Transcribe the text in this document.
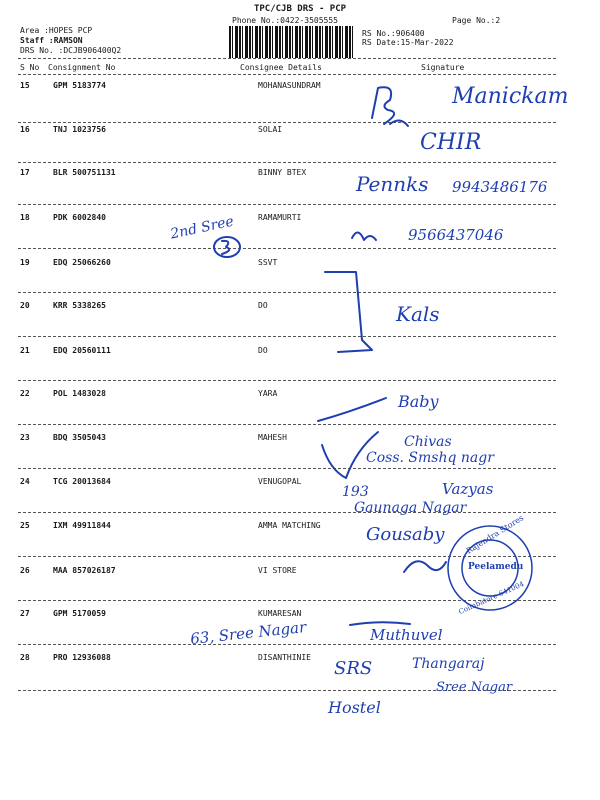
TPC/CJB DRS - PCP
Phone No.:0422-3505555	Page No.:2
Area :HOPES PCP
Staff :RAMSON
DRS No. :DCJB906400Q2
RS No.:906400
RS Date:15-Mar-2022
S No Consignment No	Consignee Details	Signature
15	GPM 5183774	MOHANASUNDRAM
16	TNJ 1023756	SOLAI
17	BLR 500751131	BINNY BTEX
18	PDK 6002840	RAMAMURTI
19	EDQ 25066260	SSVT
20	KRR 5338265	DO
21	EDQ 20560111	DO
22	POL 1483028	YARA
23	BDQ 3505043	MAHESH
24	TCG 20013684	VENUGOPAL
25	IXM 49911844	AMMA MATCHING
26	MAA 857026187	VI STORE
27	GPM 5170059	KUMARESAN
28	PRO 12936088	DISANTHINIE
Manickam
CHIR
Pennks 9943486176
2nd Sree	9566437046
Kals
Baby
Chivas
Coss. Smshq nagr
193	Vazyas
Gaunaga Nagar
Gousaby
Muthuvel
63, Sree Nagar
Thangaraj
Sree Nagar
SRS
Hostel
Rajendra Stores
Peelamedu
Coimbatore-641004
